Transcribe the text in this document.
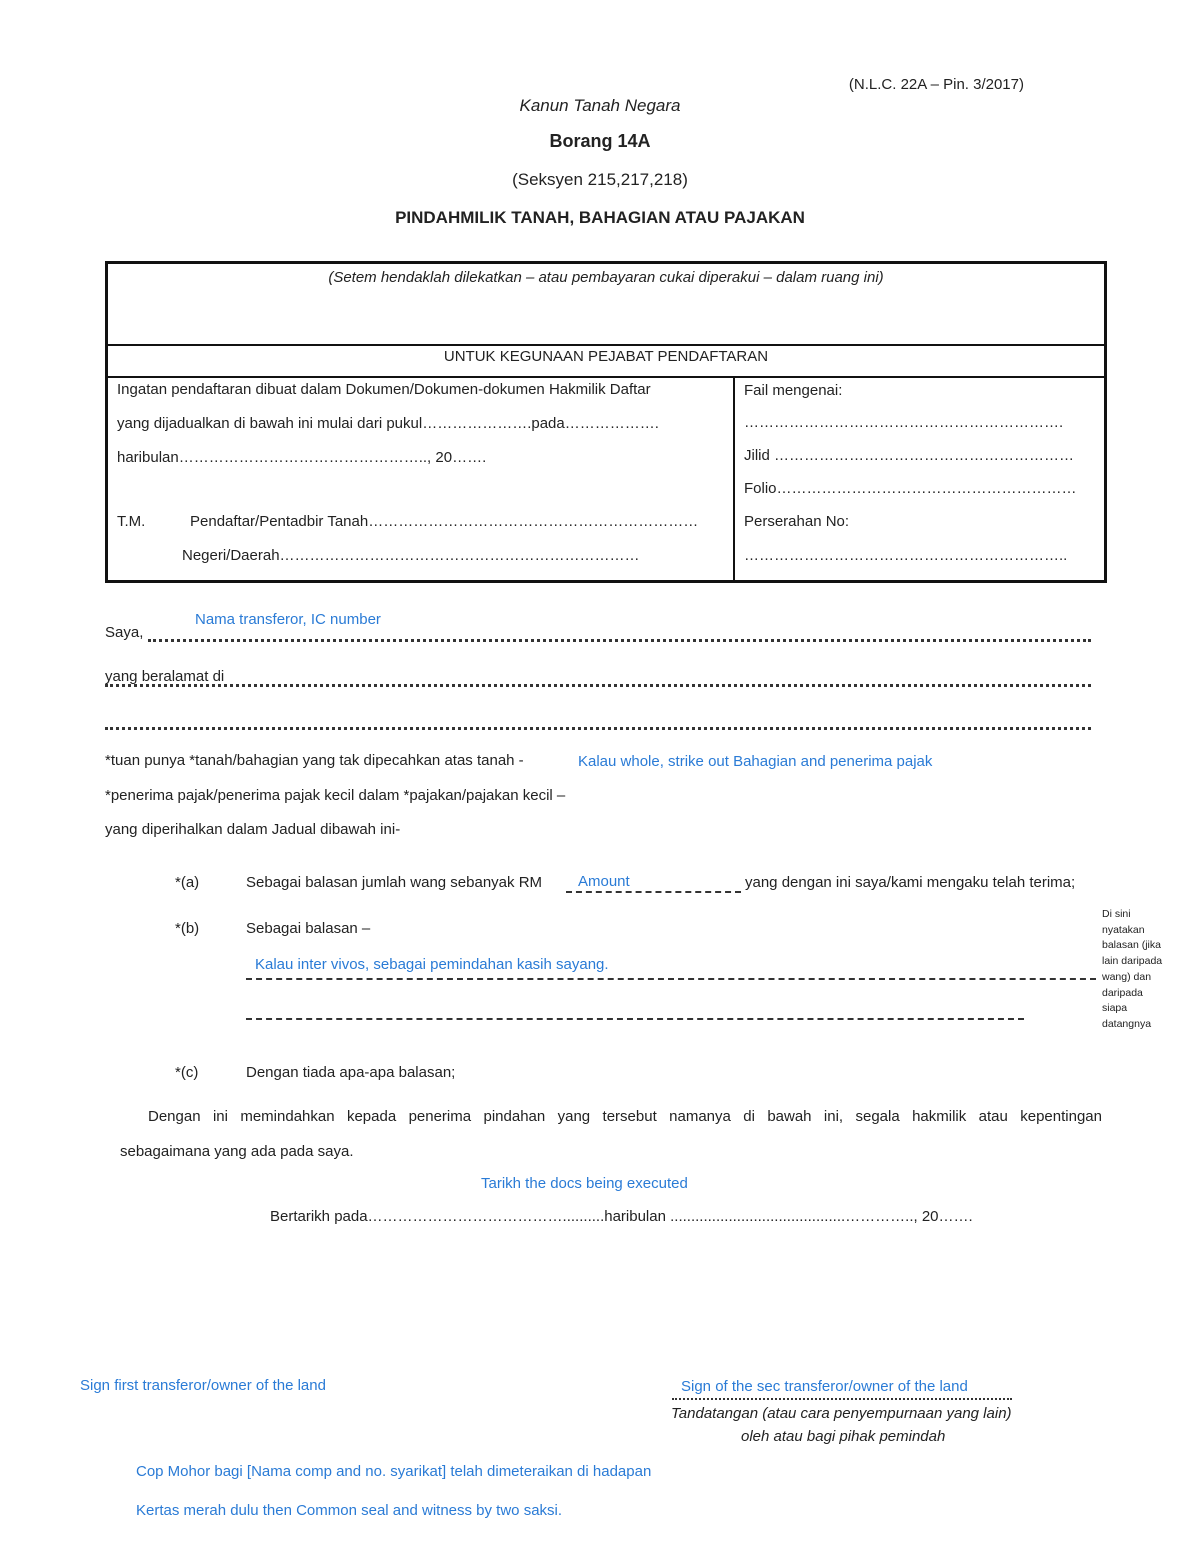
(N.L.C. 22A – Pin. 3/2017)
Kanun Tanah Negara
Borang 14A
(Seksyen 215,217,218)
PINDAHMILIK TANAH, BAHAGIAN ATAU PAJAKAN
(Setem hendaklah dilekatkan – atau pembayaran cukai diperakui – dalam ruang ini)
UNTUK KEGUNAAN PEJABAT PENDAFTARAN
Ingatan pendaftaran dibuat dalam Dokumen/Dokumen-dokumen Hakmilik Daftar
yang dijadualkan di bawah ini mulai dari pukul………………….pada……………….
haribulan………………………………………….., 20…….
T.M.	Pendaftar/Pentadbir Tanah…………………………………………………………
Negeri/Daerah………………………………………………………………
Fail mengenai:
……………………………………………………….
Jilid ……………………………………………………
Folio……………………………………………………
Perserahan No:
………………………………………………………..
Nama transferor, IC number
Saya,
yang beralamat di
*tuan punya *tanah/bahagian yang tak dipecahkan atas tanah -	Kalau whole, strike out Bahagian and penerima pajak
*penerima pajak/penerima pajak kecil dalam *pajakan/pajakan kecil –
yang diperihalkan dalam Jadual dibawah ini-
*(a)	Sebagai balasan jumlah wang sebanyak RM Amount	yang dengan ini saya/kami mengaku telah terima;
*(b)	Sebagai balasan –
Kalau inter vivos, sebagai pemindahan kasih sayang.
Di sini
nyatakan
balasan (jika
lain daripada
wang) dan
daripada
siapa
datangnya
*(c)	Dengan tiada apa-apa balasan;
Dengan ini memindahkan kepada penerima pindahan yang tersebut namanya di bawah ini, segala hakmilik atau kepentingan
sebagaimana yang ada pada saya.
Tarikh the docs being executed
Bertarikh pada…………………………………..........haribulan ..........................................………….., 20…….
Sign first transferor/owner of the land	Sign of the sec transferor/owner of the land
Tandatangan (atau cara penyempurnaan yang lain)
oleh atau bagi pihak pemindah
Cop Mohor bagi [Nama comp and no. syarikat] telah dimeteraikan di hadapan
Kertas merah dulu then Common seal and witness by two saksi.
